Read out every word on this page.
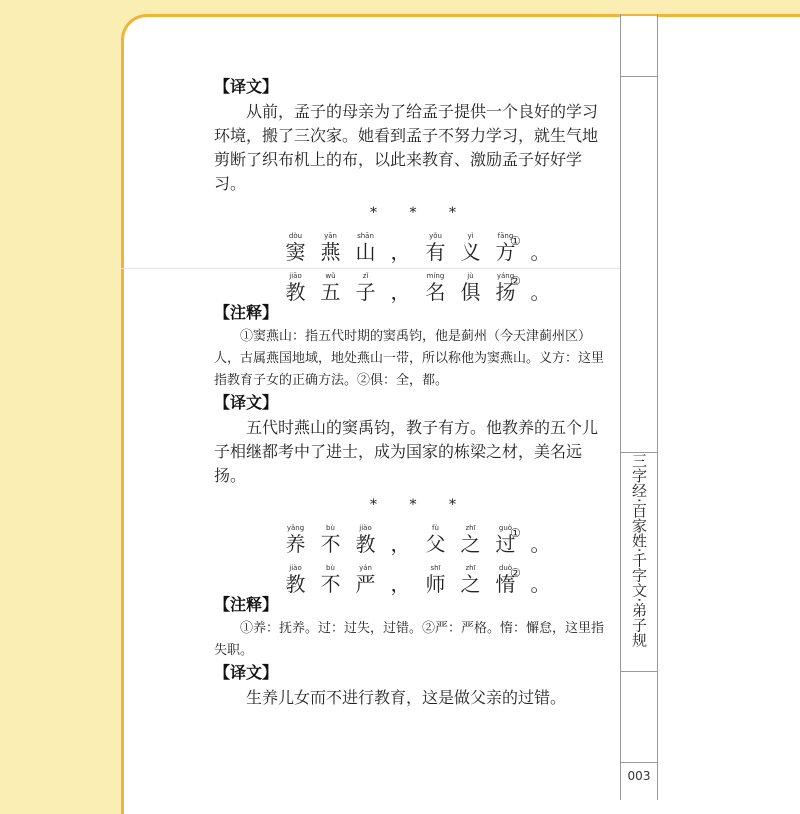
三字经·百家姓·千字文·弟子规
003
【译文】

从前，孟子的母亲为了给孟子提供一个良好的学习环境，搬了三次家。她看到孟子不努力学习，就生气地剪断了织布机上的布，以此来教育、激励孟子好好学习。

* * *
dòu
窦
yān
燕
shān
山 ，
yǒu
有
yì
义
fāng
方 。
①
jiāo
教
wǔ
五
zǐ
子 ，
míng
名
jù
俱
yáng
扬 。
②
【注释】

①窦燕山：指五代时期的窦禹钧，他是蓟州（今天津蓟州区）人，古属燕国地域，地处燕山一带，所以称他为窦燕山。义方：这里指教育子女的正确方法。②俱：全，都。

【译文】

五代时燕山的窦禹钧，教子有方。他教养的五个儿子相继都考中了进士，成为国家的栋梁之材，美名远扬。

* * *
yǎng
养
bù
不
jiào
教 ，
fù
父
zhī
之
guò
过 。
①
jiào
教
bù
不
yán
严 ，
shī
师
zhī
之
duò
惰 。
②
【注释】

①养：抚养。过：过失，过错。②严：严格。惰：懈怠，这里指失职。

【译文】

生养儿女而不进行教育，这是做父亲的过错。
